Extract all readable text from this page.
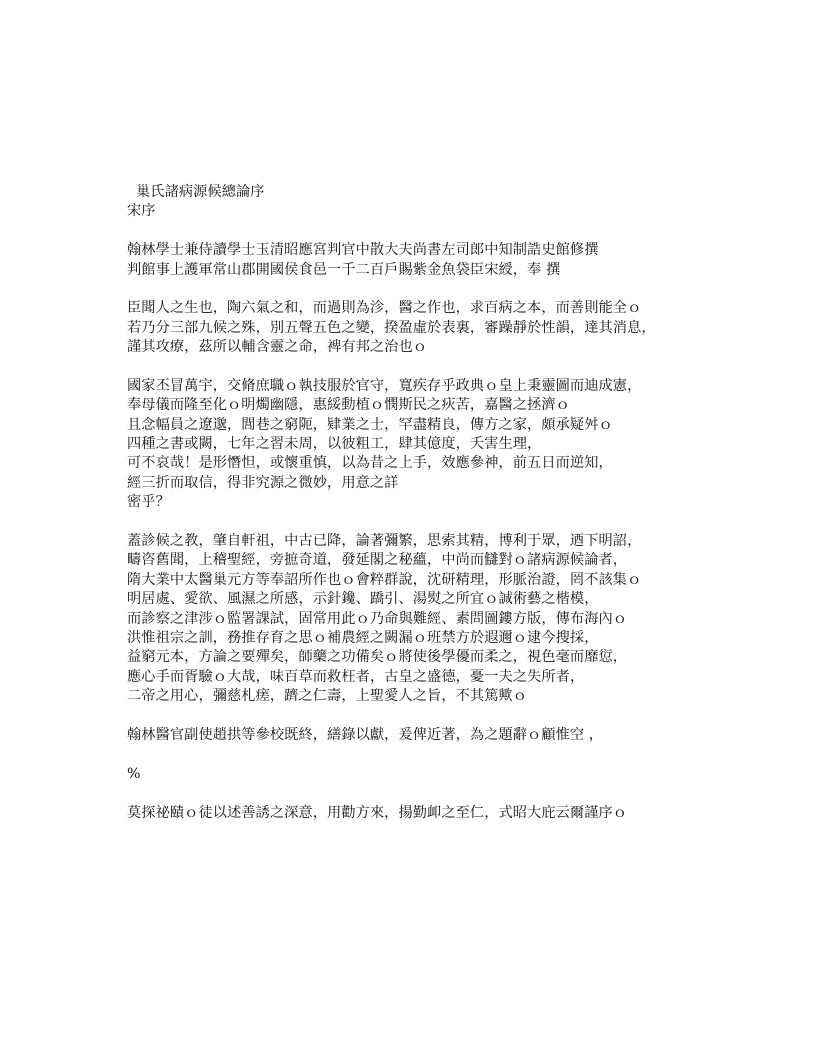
巢氏諸病源候總論序
宋序
翰林學士兼侍讀學士玉清昭應宮判官中散大夫尚書左司郎中知制誥史館修撰
判館事上護軍常山郡開國侯食邑一千二百戶賜紫金魚袋臣宋綬，奉 撰
臣聞人之生也，陶六氣之和，而過則為沴，醫之作也，求百病之本，而善則能全ｏ
若乃分三部九候之殊，別五聲五色之變，揆盈虛於表裏，審躁靜於性韻，達其消息，
謹其攻療，茲所以輔含靈之命，裨有邦之治也ｏ
國家丕冒萬宇，交脩庶職ｏ執技服於官守，寬疾存乎政典ｏ皇上秉靈圖而迪成憲，
奉母儀而隆至化ｏ明燭幽隱，惠綏動植ｏ憫斯民之疢苦，嘉醫之拯濟ｏ
且念幅員之遼邈，閭巷之窮阨，肄業之士，罕盡精良，傳方之家，頗承疑舛ｏ
四種之書或闕，七年之習未周，以彼粗工，肆其億度，夭害生理，
可不哀哉！是形憯怛，或懷重慎，以為昔之上手，效應參神，前五日而逆知，
經三折而取信，得非究源之微妙，用意之詳
密乎？
蓋診候之教，肇自軒祖，中古已降，論著彌繁，思索其精，博利于眾，迺下明詔，
疇咨舊聞，上稽聖經，旁摭奇道，發延閣之秘蘊，中尚而讎對ｏ諸病源候論者，
隋大業中太醫巢元方等奉詔所作也ｏ會粹群說，沈研精理，形脈治證，罔不該集ｏ
明居處、愛欲、風濕之所感，示針鑱、蹻引、湯熨之所宜ｏ誠術藝之楷模，
而診察之津涉ｏ監署課試，固常用此ｏ乃命與難經、素問圖鏤方版，傳布海內ｏ
洪惟祖宗之訓，務推存育之思ｏ補農經之闕漏ｏ班禁方於遐邇ｏ逮今搜採，
益窮元本，方論之要殫矣，師藥之功備矣ｏ將使後學優而柔之，視色毫而靡愆，
應心手而胥驗ｏ大哉，味百草而救枉者，古皇之盛德，憂一夫之失所者，
二帝之用心，彌慈札瘥，躋之仁壽，上聖愛人之旨，不其篤歟ｏ
翰林醫官副使趙拱等參校既終，繕錄以獻，爰俾近著，為之題辭ｏ顧惟空 ，
%
莫探祕賾ｏ徒以述善誘之深意，用勸方來，揚勤卹之至仁，式昭大庇云爾謹序ｏ
